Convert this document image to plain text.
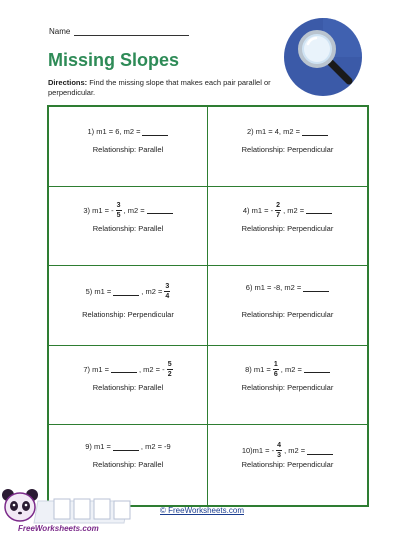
Name
Missing Slopes
Directions: Find the missing slope that makes each pair parallel or perpendicular.
1) m1 = 6, m2 =
Relationship: Parallel
2) m1 = 4, m2 =
Relationship: Perpendicular
3) m1 = - $\frac{3}{5}$ , m2 =
Relationship: Parallel
4) m1 = - $\frac{2}{7}$ , m2 =
Relationship: Perpendicular
5) m1 =	, $m2 = \frac{3}{4}$
Relationship: Perpendicular
6) m1 = -8, m2 =
Relationship: Perpendicular
7) m1 =	, m2 = - $\frac{5}{2}$
Relationship: Parallel
8) $m1 = \frac{1}{6}$ , m2 =
Relationship: Perpendicular
9) m1 =	, m2 = -9
Relationship: Parallel
10)m1 = - $\frac{4}{3}$ , m2 =
Relationship: Perpendicular
© FreeWorksheets.com
FreeWorksheets.com
